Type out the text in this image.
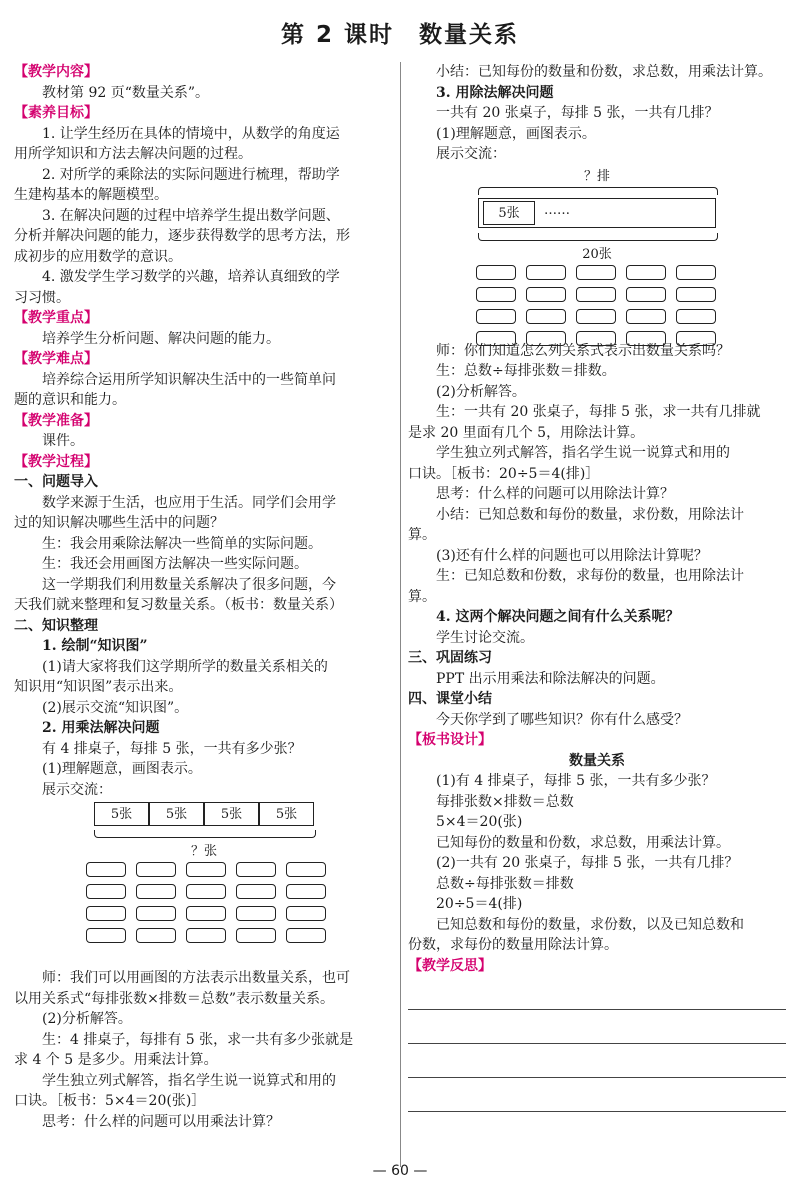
第 2 课时　数量关系

【教学内容】

教材第 92 页“数量关系”。

【素养目标】

1. 让学生经历在具体的情境中，从数学的角度运

用所学知识和方法去解决问题的过程。

2. 对所学的乘除法的实际问题进行梳理，帮助学

生建构基本的解题模型。

3. 在解决问题的过程中培养学生提出数学问题、

分析并解决问题的能力，逐步获得数学的思考方法，形

成初步的应用数学的意识。

4. 激发学生学习数学的兴趣，培养认真细致的学

习习惯。

【教学重点】

培养学生分析问题、解决问题的能力。

【教学难点】

培养综合运用所学知识解决生活中的一些简单问

题的意识和能力。

【教学准备】

课件。

【教学过程】

一、问题导入

数学来源于生活，也应用于生活。同学们会用学

过的知识解决哪些生活中的问题？

生：我会用乘除法解决一些简单的实际问题。

生：我还会用画图方法解决一些实际问题。

这一学期我们利用数量关系解决了很多问题，今

天我们就来整理和复习数量关系。（板书：数量关系）

二、知识整理

1. 绘制“知识图”

(1)请大家将我们这学期所学的数量关系相关的

知识用“知识图”表示出来。

(2)展示交流“知识图”。

2. 用乘法解决问题

有 4 排桌子，每排 5 张，一共有多少张？

(1)理解题意，画图表示。

展示交流：

5张	5张	5张	5张
？张

师：我们可以用画图的方法表示出数量关系，也可

以用关系式“每排张数×排数＝总数”表示数量关系。

(2)分析解答。

生：4 排桌子，每排有 5 张，求一共有多少张就是

求 4 个 5 是多少。用乘法计算。

学生独立列式解答，指名学生说一说算式和用的

口诀。［板书：5×4＝20(张)］

思考：什么样的问题可以用乘法计算？

小结：已知每份的数量和份数，求总数，用乘法计算。

3. 用除法解决问题

一共有 20 张桌子，每排 5 张，一共有几排？

(1)理解题意，画图表示。

展示交流：

？排
5张	……
20张

师：你们知道怎么列关系式表示出数量关系吗？

生：总数÷每排张数＝排数。

(2)分析解答。

生：一共有 20 张桌子，每排 5 张，求一共有几排就

是求 20 里面有几个 5，用除法计算。

学生独立列式解答，指名学生说一说算式和用的

口诀。［板书：20÷5＝4(排)］

思考：什么样的问题可以用除法计算？

小结：已知总数和每份的数量，求份数，用除法计

算。

(3)还有什么样的问题也可以用除法计算呢？

生：已知总数和份数，求每份的数量，也用除法计

算。

4. 这两个解决问题之间有什么关系呢？

学生讨论交流。

三、巩固练习

PPT 出示用乘法和除法解决的问题。

四、课堂小结

今天你学到了哪些知识？你有什么感受？

【板书设计】

数量关系

(1)有 4 排桌子，每排 5 张，一共有多少张？

每排张数×排数＝总数

5×4＝20(张)

已知每份的数量和份数，求总数，用乘法计算。

(2)一共有 20 张桌子，每排 5 张，一共有几排？

总数÷每排张数＝排数

20÷5＝4(排)

已知总数和每份的数量，求份数，以及已知总数和

份数，求每份的数量用除法计算。

【教学反思】

— 60 —
